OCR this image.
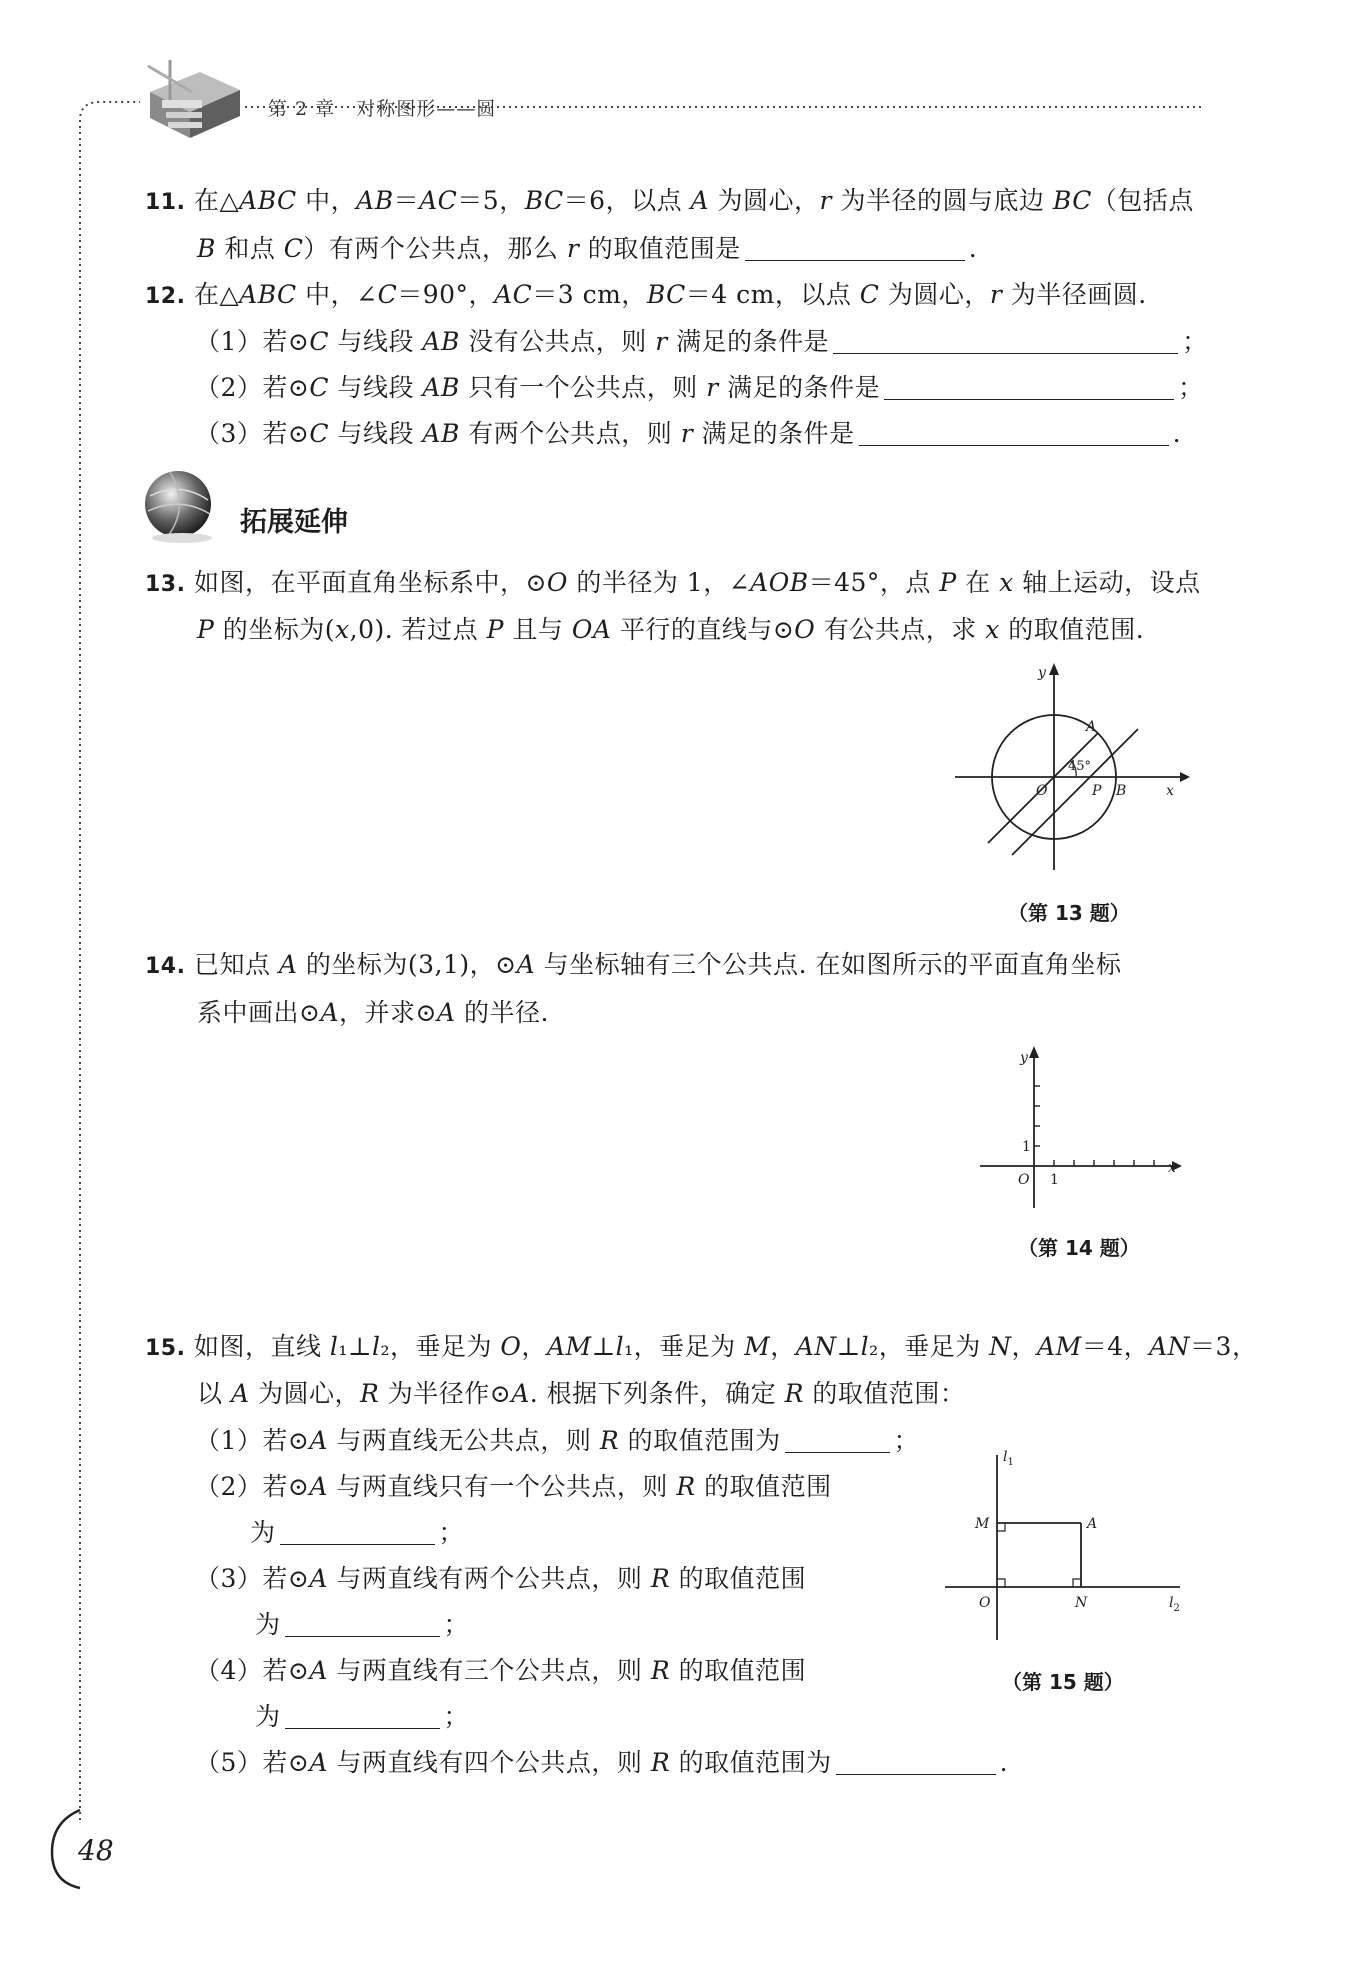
第 2 章 对称图形——圆
11. 在△ABC 中，AB＝AC＝5，BC＝6，以点 A 为圆心，r 为半径的圆与底边 BC（包括点
B 和点 C）有两个公共点，那么 r 的取值范围是	.
12. 在△ABC 中，∠C＝90°，AC＝3 cm，BC＝4 cm，以点 C 为圆心，r 为半径画圆.
（1）若⊙C 与线段 AB 没有公共点，则 r 满足的条件是	；
（2）若⊙C 与线段 AB 只有一个公共点，则 r 满足的条件是	；
（3）若⊙C 与线段 AB 有两个公共点，则 r 满足的条件是	.
拓展延伸
13. 如图，在平面直角坐标系中，⊙O 的半径为 1，∠AOB＝45°，点 P 在 x 轴上运动，设点
P 的坐标为(x,0). 若过点 P 且与 OA 平行的直线与⊙O 有公共点，求 x 的取值范围.
y
x
A
O	P B
45°
（第 13 题）
14. 已知点 A 的坐标为(3,1)，⊙A 与坐标轴有三个公共点. 在如图所示的平面直角坐标
系中画出⊙A，并求⊙A 的半径.
y
x
O 1
1
（第 14 题）
15. 如图，直线 l₁⊥l₂，垂足为 O，AM⊥l₁，垂足为 M，AN⊥l₂，垂足为 N，AM＝4，AN＝3，
以 A 为圆心，R 为半径作⊙A. 根据下列条件，确定 R 的取值范围：
（1）若⊙A 与两直线无公共点，则 R 的取值范围为	；
（2）若⊙A 与两直线只有一个公共点，则 R 的取值范围
为	；
（3）若⊙A 与两直线有两个公共点，则 R 的取值范围
为	；
（4）若⊙A 与两直线有三个公共点，则 R 的取值范围
为	；
（5）若⊙A 与两直线有四个公共点，则 R 的取值范围为	.
$l_1$
$l_2$
M	A
O	N
（第 15 题）
48
